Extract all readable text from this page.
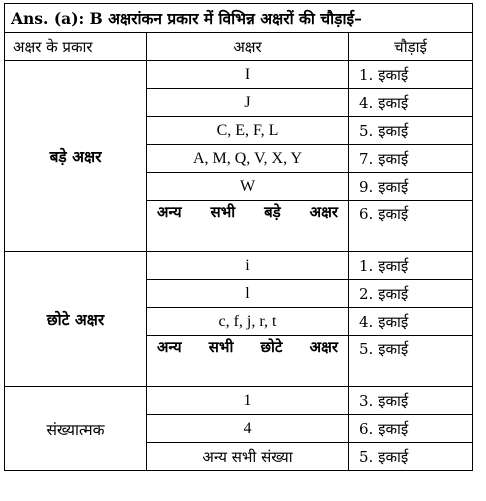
Ans. (a): B अक्षरांकन प्रकार में विभिन्न अक्षरों की चौड़ाई–		
अक्षर के प्रकार	अक्षर	चौड़ाई
बड़े अक्षर	I	1. इकाई
	J	4. इकाई
	C, E, F, L	5. इकाई
	A, M, Q, V, X, Y	7. इकाई
	W	9. इकाई

	अन्य सभी बड़े अक्षर	6. इकाई
छोटे अक्षर	i	1. इकाई
	l	2. इकाई
	c, f, j, r, t	4. इकाई

	अन्य सभी छोटे अक्षर	5. इकाई
संख्यात्मक	1	3. इकाई
	4	6. इकाई
	अन्य सभी संख्या	5. इकाई
